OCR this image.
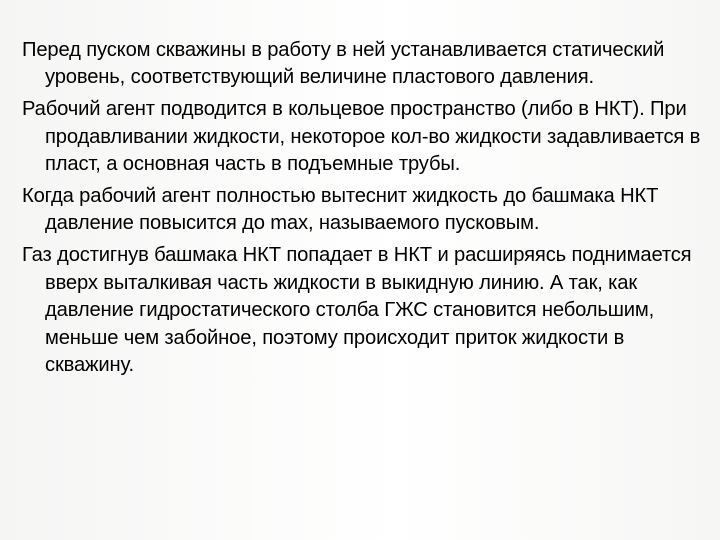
Перед пуском скважины в работу в ней устанавливается статический уровень, соответствующий величине пластового давления.

Рабочий агент подводится в кольцевое пространство (либо в НКТ). При продавливании жидкости, некоторое кол-во жидкости задавливается в пласт, а основная часть в подъемные трубы.

Когда рабочий агент полностью вытеснит жидкость до башмака НКТ давление повысится до max, называемого пусковым.

Газ достигнув башмака НКТ попадает в НКТ и расширяясь поднимается вверх выталкивая часть жидкости в выкидную линию. А так, как давление гидростатического столба ГЖС становится небольшим, меньше чем забойное, поэтому происходит приток жидкости в скважину.
